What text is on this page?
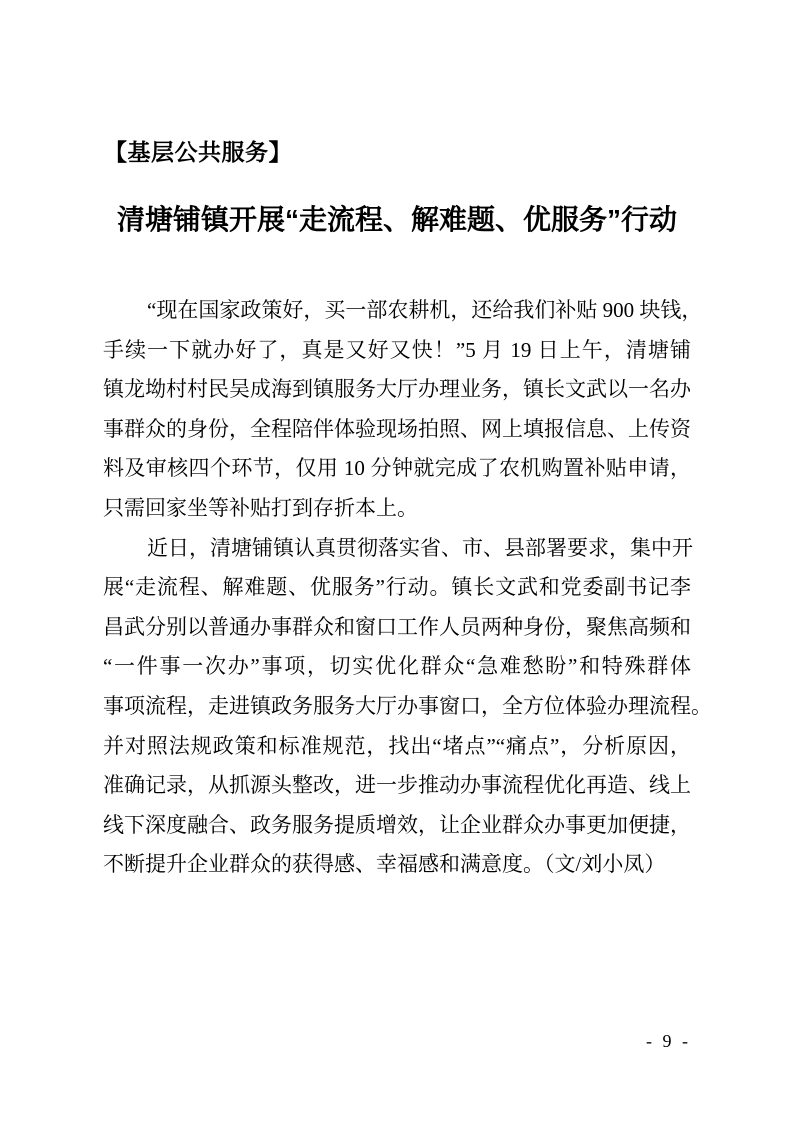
【基层公共服务】
清塘铺镇开展“走流程、解难题、优服务”行动
“现在国家政策好，买一部农耕机，还给我们补贴 900 块钱，
手续一下就办好了，真是又好又快！”5 月 19 日上午，清塘铺
镇龙坳村村民吴成海到镇服务大厅办理业务，镇长文武以一名办
事群众的身份，全程陪伴体验现场拍照、网上填报信息、上传资
料及审核四个环节，仅用 10 分钟就完成了农机购置补贴申请，
只需回家坐等补贴打到存折本上。
近日，清塘铺镇认真贯彻落实省、市、县部署要求，集中开
展“走流程、解难题、优服务”行动。镇长文武和党委副书记李
昌武分别以普通办事群众和窗口工作人员两种身份，聚焦高频和
“一件事一次办”事项，切实优化群众“急难愁盼”和特殊群体
事项流程，走进镇政务服务大厅办事窗口，全方位体验办理流程。
并对照法规政策和标准规范，找出“堵点”“痛点”，分析原因，
准确记录，从抓源头整改，进一步推动办事流程优化再造、线上
线下深度融合、政务服务提质增效，让企业群众办事更加便捷，
不断提升企业群众的获得感、幸福感和满意度。（文/刘小凤）
- 9 -
